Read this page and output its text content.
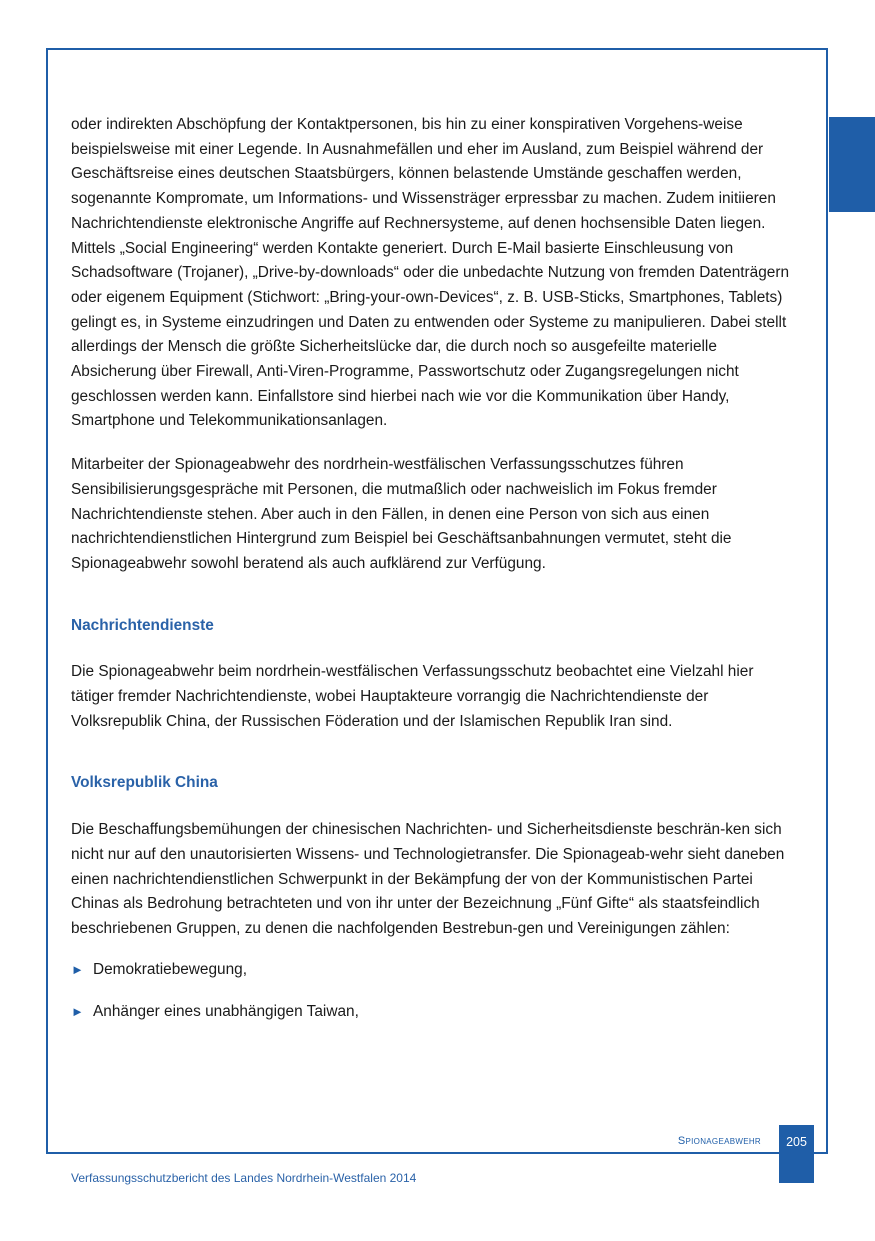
oder indirekten Abschöpfung der Kontaktpersonen, bis hin zu einer konspirativen Vorgehens-weise beispielsweise mit einer Legende. In Ausnahmefällen und eher im Ausland, zum Beispiel während der Geschäftsreise eines deutschen Staatsbürgers, können belastende Umstände geschaffen werden, sogenannte Kompromate, um Informations- und Wissensträger erpressbar zu machen. Zudem initiieren Nachrichtendienste elektronische Angriffe auf Rechnersysteme, auf denen hochsensible Daten liegen. Mittels „Social Engineering“ werden Kontakte generiert. Durch E-Mail basierte Einschleusung von Schadsoftware (Trojaner), „Drive-by-downloads“ oder die unbedachte Nutzung von fremden Datenträgern oder eigenem Equipment (Stichwort: „Bring-your-own-Devices“, z. B. USB-Sticks, Smartphones, Tablets) gelingt es, in Systeme einzudringen und Daten zu entwenden oder Systeme zu manipulieren. Dabei stellt allerdings der Mensch die größte Sicherheitslücke dar, die durch noch so ausgefeilte materielle Absicherung über Firewall, Anti-Viren-Programme, Passwortschutz oder Zugangsregelungen nicht geschlossen werden kann. Einfallstore sind hierbei nach wie vor die Kommunikation über Handy, Smartphone und Telekommunikationsanlagen.

Mitarbeiter der Spionageabwehr des nordrhein-westfälischen Verfassungsschutzes führen Sensibilisierungsgespräche mit Personen, die mutmaßlich oder nachweislich im Fokus fremder Nachrichtendienste stehen. Aber auch in den Fällen, in denen eine Person von sich aus einen nachrichtendienstlichen Hintergrund zum Beispiel bei Geschäftsanbahnungen vermutet, steht die Spionageabwehr sowohl beratend als auch aufklärend zur Verfügung.

Nachrichtendienste

Die Spionageabwehr beim nordrhein-westfälischen Verfassungsschutz beobachtet eine Vielzahl hier tätiger fremder Nachrichtendienste, wobei Hauptakteure vorrangig die Nachrichtendienste der Volksrepublik China, der Russischen Föderation und der Islamischen Republik Iran sind.

Volksrepublik China

Die Beschaffungsbemühungen der chinesischen Nachrichten- und Sicherheitsdienste beschrän-ken sich nicht nur auf den unautorisierten Wissens- und Technologietransfer. Die Spionageab-wehr sieht daneben einen nachrichtendienstlichen Schwerpunkt in der Bekämpfung der von der Kommunistischen Partei Chinas als Bedrohung betrachteten und von ihr unter der Bezeichnung „Fünf Gifte“ als staatsfeindlich beschriebenen Gruppen, zu denen die nachfolgenden Bestrebun-gen und Vereinigungen zählen:

► Demokratiebewegung,
► Anhänger eines unabhängigen Taiwan,
Spionageabwehr	205
Verfassungsschutzbericht des Landes Nordrhein-Westfalen 2014
